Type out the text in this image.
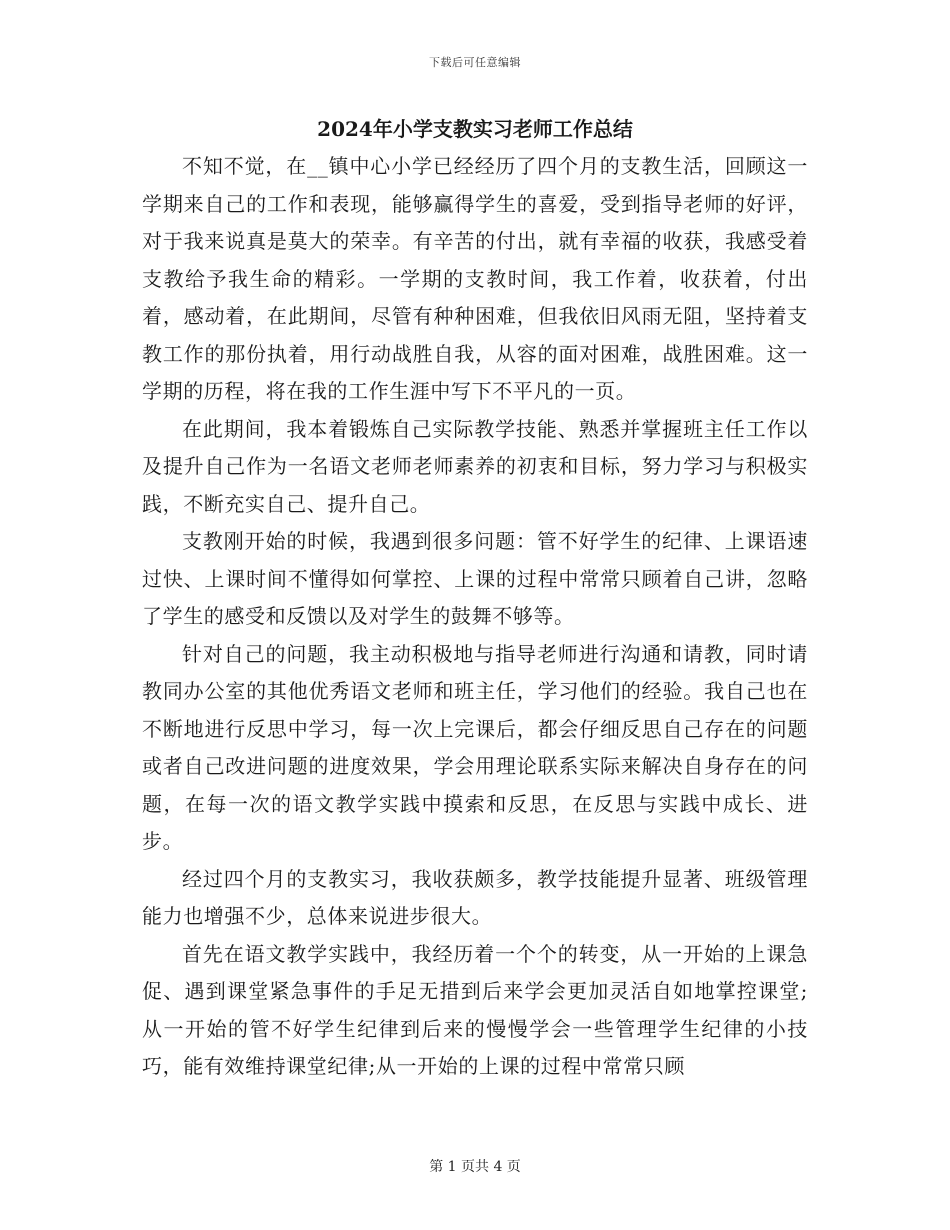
下载后可任意编辑
2024年小学支教实习老师工作总结

不知不觉，在__镇中心小学已经经历了四个月的支教生活，回顾这一学期来自己的工作和表现，能够赢得学生的喜爱，受到指导老师的好评，对于我来说真是莫大的荣幸。有辛苦的付出，就有幸福的收获，我感受着支教给予我生命的精彩。一学期的支教时间，我工作着，收获着，付出着，感动着，在此期间，尽管有种种困难，但我依旧风雨无阻，坚持着支教工作的那份执着，用行动战胜自我，从容的面对困难，战胜困难。这一学期的历程，将在我的工作生涯中写下不平凡的一页。

在此期间，我本着锻炼自己实际教学技能、熟悉并掌握班主任工作以及提升自己作为一名语文老师老师素养的初衷和目标，努力学习与积极实践，不断充实自己、提升自己。

支教刚开始的时候，我遇到很多问题：管不好学生的纪律、上课语速过快、上课时间不懂得如何掌控、上课的过程中常常只顾着自己讲，忽略了学生的感受和反馈以及对学生的鼓舞不够等。

针对自己的问题，我主动积极地与指导老师进行沟通和请教，同时请教同办公室的其他优秀语文老师和班主任，学习他们的经验。我自己也在不断地进行反思中学习，每一次上完课后，都会仔细反思自己存在的问题或者自己改进问题的进度效果，学会用理论联系实际来解决自身存在的问题，在每一次的语文教学实践中摸索和反思，在反思与实践中成长、进步。

经过四个月的支教实习，我收获颇多，教学技能提升显著、班级管理能力也增强不少，总体来说进步很大。

首先在语文教学实践中，我经历着一个个的转变，从一开始的上课急促、遇到课堂紧急事件的手足无措到后来学会更加灵活自如地掌控课堂;从一开始的管不好学生纪律到后来的慢慢学会一些管理学生纪律的小技巧，能有效维持课堂纪律;从一开始的上课的过程中常常只顾

第 1 页共 4 页
